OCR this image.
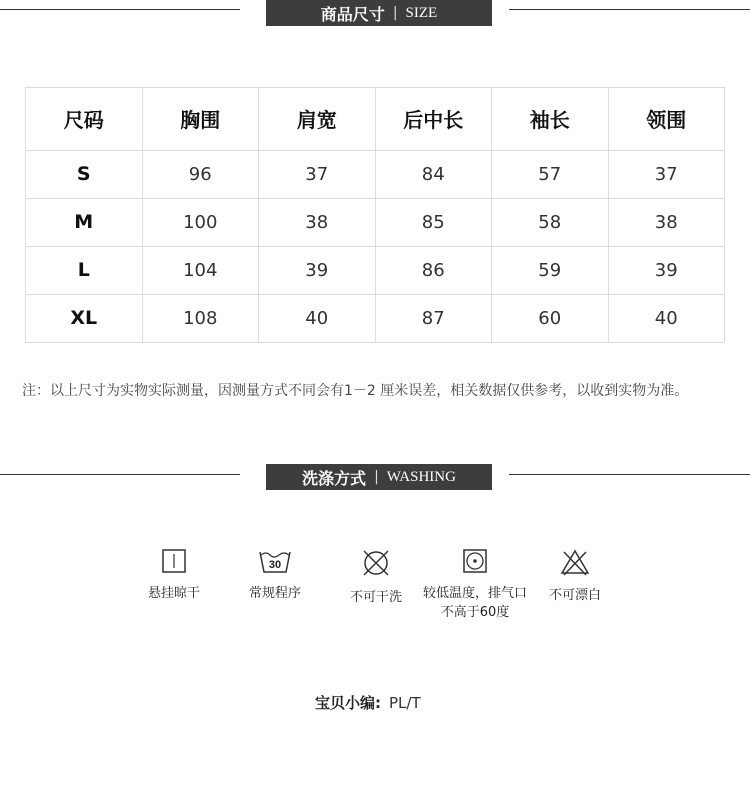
商品尺寸 | SIZE
尺码	胸围	肩宽	后中长	袖长	领围
S	96	37	84	57	37
M	100	38	85	58	38
L	104	39	86	59	39
XL	108	40	87	60	40
注：以上尺寸为实物实际测量，因测量方式不同会有1－2 厘米误差，相关数据仅供参考，以收到实物为准。
洗涤方式 | WASHING
悬挂晾干
30
常规程序	不可干洗	较低温度，排气口不高于60度
不可漂白
宝贝小编: PL/T
